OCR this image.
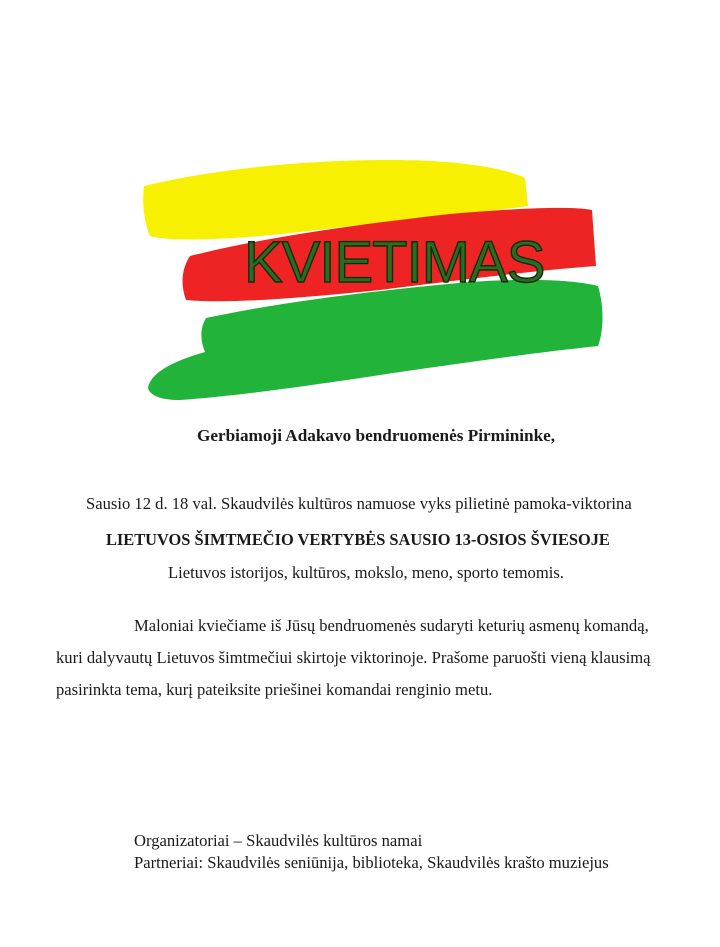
KVIETIMAS
Gerbiamoji Adakavo bendruomenės Pirmininke,
Sausio 12 d. 18 val. Skaudvilės kultūros namuose vyks pilietinė pamoka-viktorina
LIETUVOS ŠIMTMEČIO VERTYBĖS SAUSIO 13-OSIOS ŠVIESOJE
Lietuvos istorijos, kultūros, mokslo, meno, sporto temomis.
Maloniai kviečiame iš Jūsų bendruomenės sudaryti keturių asmenų komandą,
kuri dalyvautų Lietuvos šimtmečiui skirtoje viktorinoje. Prašome paruošti vieną klausimą
pasirinkta tema, kurį pateiksite priešinei komandai renginio metu.
Organizatoriai – Skaudvilės kultūros namai
Partneriai: Skaudvilės seniūnija, biblioteka, Skaudvilės krašto muziejus
